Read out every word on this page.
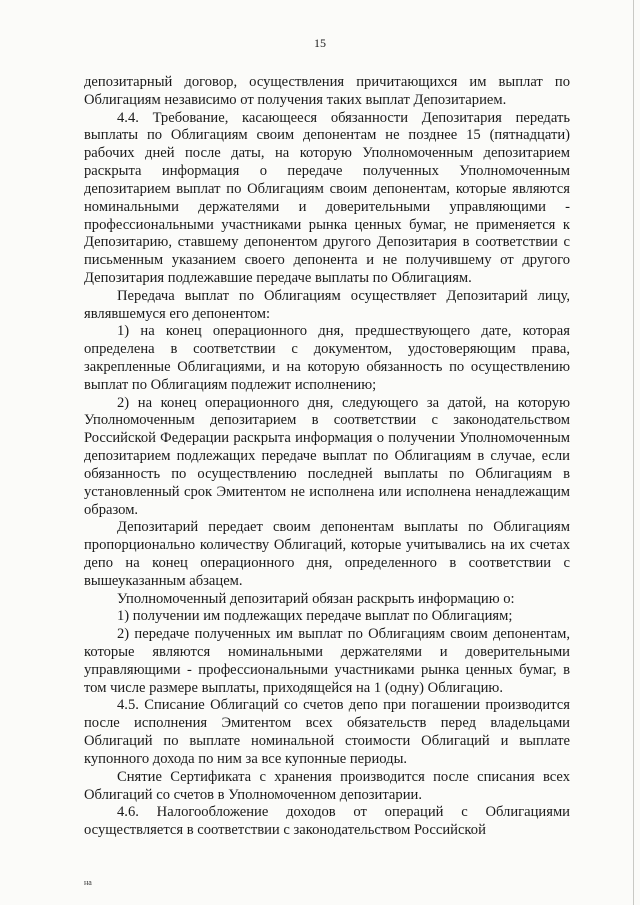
15

депозитарный договор, осуществления причитающихся им выплат по Облигациям независимо от получения таких выплат Депозитарием.

4.4. Требование, касающееся обязанности Депозитария передать выплаты по Облигациям своим депонентам не позднее 15 (пятнадцати) рабочих дней после даты, на которую Уполномоченным депозитарием раскрыта информация о передаче полученных Уполномоченным депозитарием выплат по Облигациям своим депонентам, которые являются номинальными держателями и доверительными управляющими - профессиональными участниками рынка ценных бумаг, не применяется к Депозитарию, ставшему депонентом другого Депозитария в соответствии с письменным указанием своего депонента и не получившему от другого Депозитария подлежавшие передаче выплаты по Облигациям.

Передача выплат по Облигациям осуществляет Депозитарий лицу, являвшемуся его депонентом:

1) на конец операционного дня, предшествующего дате, которая определена в соответствии с документом, удостоверяющим права, закрепленные Облигациями, и на которую обязанность по осуществлению выплат по Облигациям подлежит исполнению;

2) на конец операционного дня, следующего за датой, на которую Уполномоченным депозитарием в соответствии с законодательством Российской Федерации раскрыта информация о получении Уполномоченным депозитарием подлежащих передаче выплат по Облигациям в случае, если обязанность по осуществлению последней выплаты по Облигациям в установленный срок Эмитентом не исполнена или исполнена ненадлежащим образом.

Депозитарий передает своим депонентам выплаты по Облигациям пропорционально количеству Облигаций, которые учитывались на их счетах депо на конец операционного дня, определенного в соответствии с вышеуказанным абзацем.

Уполномоченный депозитарий обязан раскрыть информацию о:

1) получении им подлежащих передаче выплат по Облигациям;

2) передаче полученных им выплат по Облигациям своим депонентам, которые являются номинальными держателями и доверительными управляющими - профессиональными участниками рынка ценных бумаг, в том числе размере выплаты, приходящейся на 1 (одну) Облигацию.

4.5. Списание Облигаций со счетов депо при погашении производится после исполнения Эмитентом всех обязательств перед владельцами Облигаций по выплате номинальной стоимости Облигаций и выплате купонного дохода по ним за все купонные периоды.

Снятие Сертификата с хранения производится после списания всех Облигаций со счетов в Уполномоченном депозитарии.

4.6. Налогообложение доходов от операций с Облигациями осуществляется в соответствии с законодательством Российской

на
